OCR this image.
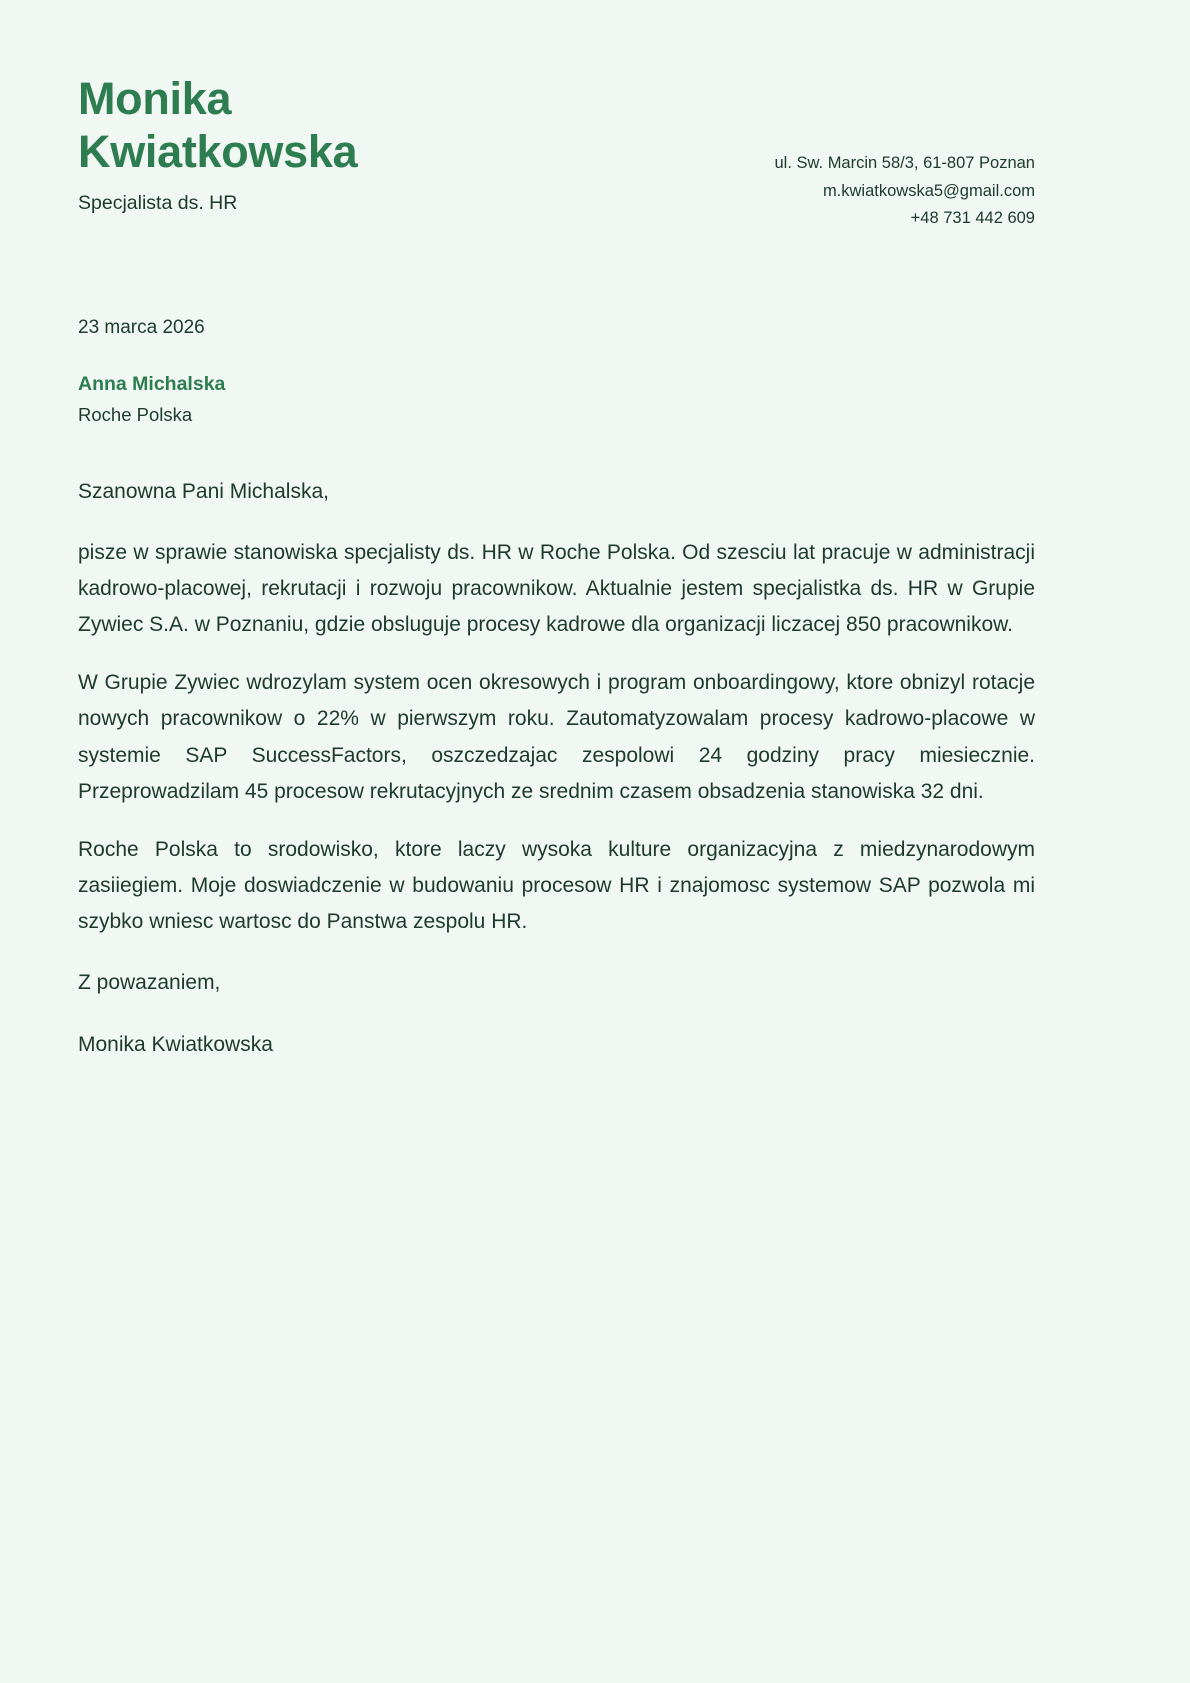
Monika Kwiatkowska
Specjalista ds. HR
ul. Sw. Marcin 58/3, 61-807 Poznan
m.kwiatkowska5@gmail.com
+48 731 442 609
23 marca 2026
Anna Michalska
Roche Polska
Szanowna Pani Michalska,

pisze w sprawie stanowiska specjalisty ds. HR w Roche Polska. Od szesciu lat pracuje w administracji kadrowo-placowej, rekrutacji i rozwoju pracownikow. Aktualnie jestem specjalistka ds. HR w Grupie Zywiec S.A. w Poznaniu, gdzie obsluguje procesy kadrowe dla organizacji liczacej 850 pracownikow.

W Grupie Zywiec wdrozylam system ocen okresowych i program onboardingowy, ktore obnizyl rotacje nowych pracownikow o 22% w pierwszym roku. Zautomatyzowalam procesy kadrowo-placowe w systemie SAP SuccessFactors, oszczedzajac zespolowi 24 godziny pracy miesiecznie. Przeprowadzilam 45 procesow rekrutacyjnych ze srednim czasem obsadzenia stanowiska 32 dni.

Roche Polska to srodowisko, ktore laczy wysoka kulture organizacyjna z miedzynarodowym zasiiegiem. Moje doswiadczenie w budowaniu procesow HR i znajomosc systemow SAP pozwola mi szybko wniesc wartosc do Panstwa zespolu HR.

Z powazaniem,
Monika Kwiatkowska
